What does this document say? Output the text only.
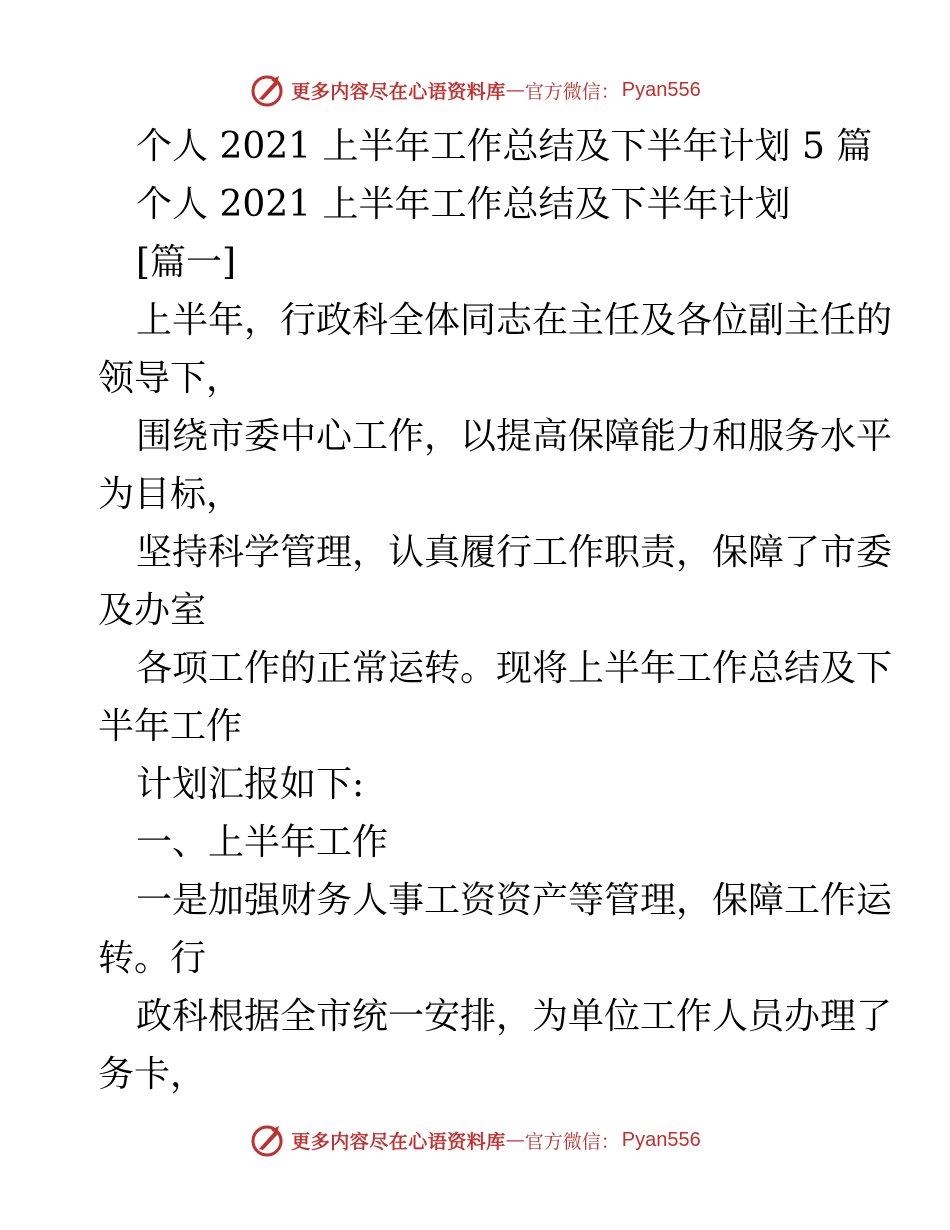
更多内容尽在心语资料库 — 官方微信： Pyan556

个人 2021 上半年工作总结及下半年计划 5 篇

个人 2021 上半年工作总结及下半年计划

[篇一]

上半年，行政科全体同志在主任及各位副主任的

领导下，

围绕市委中心工作，以提高保障能力和服务水平

为目标，

坚持科学管理，认真履行工作职责，保障了市委

及办室

各项工作的正常运转。现将上半年工作总结及下

半年工作

计划汇报如下:

一、上半年工作

一是加强财务人事工资资产等管理，保障工作运

转。行

政科根据全市统一安排，为单位工作人员办理了

务卡，

更多内容尽在心语资料库 — 官方微信： Pyan556
